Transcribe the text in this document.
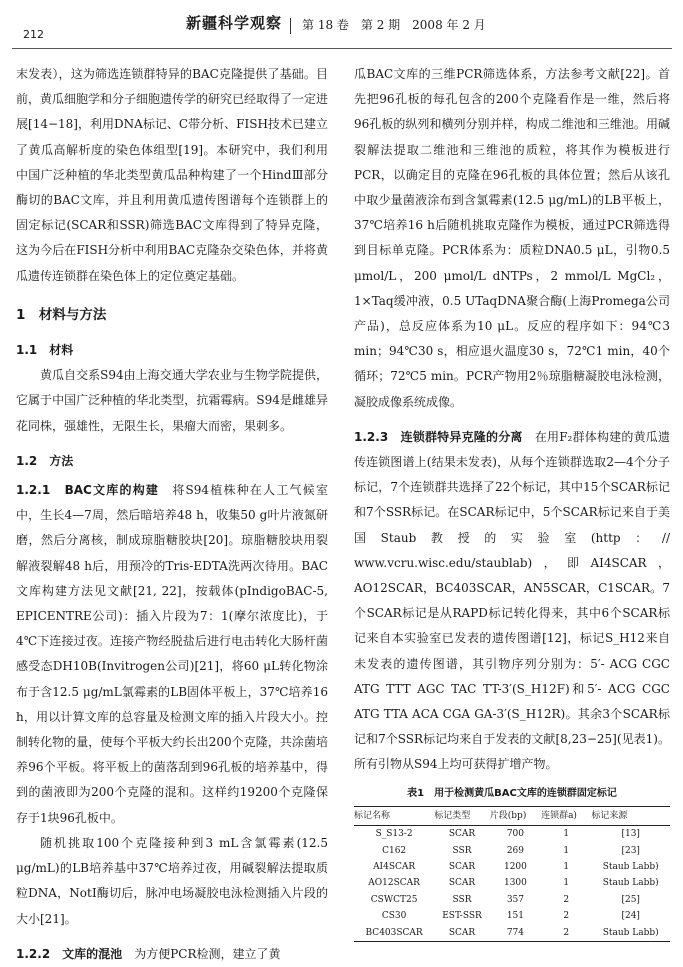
212
新疆科学观察 第 18 卷　第 2 期　2008 年 2 月

末发表），这为筛选连锁群特异的BAC克隆提供了基础。目前，黄瓜细胞学和分子细胞遗传学的研究已经取得了一定进展[14−18]，利用DNA标记、C带分析、FISH技术已建立了黄瓜高解析度的染色体组型[19]。本研究中，我们利用中国广泛种植的华北类型黄瓜品种构建了一个HindⅢ部分酶切的BAC文库，并且利用黄瓜遗传图谱每个连锁群上的固定标记(SCAR和SSR)筛选BAC文库得到了特异克隆，这为今后在FISH分析中利用BAC克隆杂交染色体，并将黄瓜遗传连锁群在染色体上的定位奠定基础。

1　材料与方法
1.1　材料

黄瓜自交系S94由上海交通大学农业与生物学院提供，它属于中国广泛种植的华北类型，抗霜霉病。S94是雌雄异花同株，强雄性，无限生长，果瘤大而密，果刺多。

1.2　方法

1.2.1　BAC文库的构建　 将S94植株种在人工气候室中，生长4—7周，然后暗培养48 h，收集50 g叶片液氮研磨，然后分离核，制成琼脂糖胶块[20]。琼脂糖胶块用裂解液裂解48 h后，用预冷的Tris-EDTA洗两次待用。BAC文库构建方法见文献[21, 22]，按载体(pIndigoBAC-5, EPICENTRE公司)：插入片段为7：1(摩尔浓度比)，于4℃下连接过夜。连接产物经脱盐后进行电击转化大肠杆菌感受态DH10B(Invitrogen公司)[21]，将60 μL转化物涂布于含12.5 μg/mL氯霉素的LB固体平板上，37℃培养16 h，用以计算文库的总容量及检测文库的插入片段大小。控制转化物的量，使每个平板大约长出200个克隆，共涂菌培养96个平板。将平板上的菌落刮到96孔板的培养基中，得到的菌液即为200个克隆的混和。这样约19200个克隆保存于1块96孔板中。

随机挑取100个克隆接种到3 mL含氯霉素(12.5 μg/mL)的LB培养基中37℃培养过夜，用碱裂解法提取质粒DNA，NotⅠ酶切后，脉冲电场凝胶电泳检测插入片段的大小[21]。

1.2.2　文库的混池　 为方便PCR检测，建立了黄

瓜BAC文库的三维PCR筛选体系，方法参考文献[22]。首先把96孔板的每孔包含的200个克隆看作是一维，然后将96孔板的纵列和横列分别并样，构成二维池和三维池。用碱裂解法提取二维池和三维池的质粒，将其作为模板进行PCR，以确定目的克隆在96孔板的具体位置；然后从该孔中取少量菌液涂布到含氯霉素(12.5 μg/mL)的LB平板上，37℃培养16 h后随机挑取克隆作为模板，通过PCR筛选得到目标单克隆。PCR体系为：质粒DNA0.5 μL，引物0.5 μmol/L，200 μmol/L dNTPs，2 mmol/L MgCl₂，1×Taq缓冲液，0.5 UTaqDNA聚合酶(上海Promega公司产品)，总反应体系为10 μL。反应的程序如下：94℃3 min；94℃30 s，相应退火温度30 s，72℃1 min，40个循环；72℃5 min。PCR产物用2％琼脂糖凝胶电泳检测，凝胶成像系统成像。

1.2.3　连锁群特异克隆的分离　 在用F₂群体构建的黄瓜遗传连锁图谱上(结果未发表)，从每个连锁群选取2—4个分子标记，7个连锁群共选择了22个标记，其中15个SCAR标记和7个SSR标记。在SCAR标记中，5个SCAR标记来自于美国Staub教授的实验室(http：// www.vcru.wisc.edu/staublab)，即AI4SCAR，AO12SCAR，BC403SCAR，AN5SCAR，C1SCAR。7个SCAR标记是从RAPD标记转化得来，其中6个SCAR标记来自本实验室已发表的遗传图谱[12]，标记S_H12来自未发表的遗传图谱，其引物序列分别为：5′- ACG CGC ATG TTT AGC TAC TT-3′(S_H12F)和5′- ACG CGC ATG TTA ACA CGA GA-3′(S_H12R)。其余3个SCAR标记和7个SSR标记均来自于发表的文献[8,23−25](见表1)。所有引物从S94上均可获得扩增产物。

表1　用于检测黄瓜BAC文库的连锁群固定标记
标记名称	标记类型	片段(bp)	连锁群a)	标记来源
S_S13-2	SCAR	700	1	[13]
C162	SSR	269	1	[23]
AI4SCAR	SCAR	1200	1	Staub Labb)
AO12SCAR	SCAR	1300	1	Staub Labb)
CSWCT25	SSR	357	2	[25]
CS30	EST-SSR	151	2	[24]
BC403SCAR	SCAR	774	2	Staub Labb)
